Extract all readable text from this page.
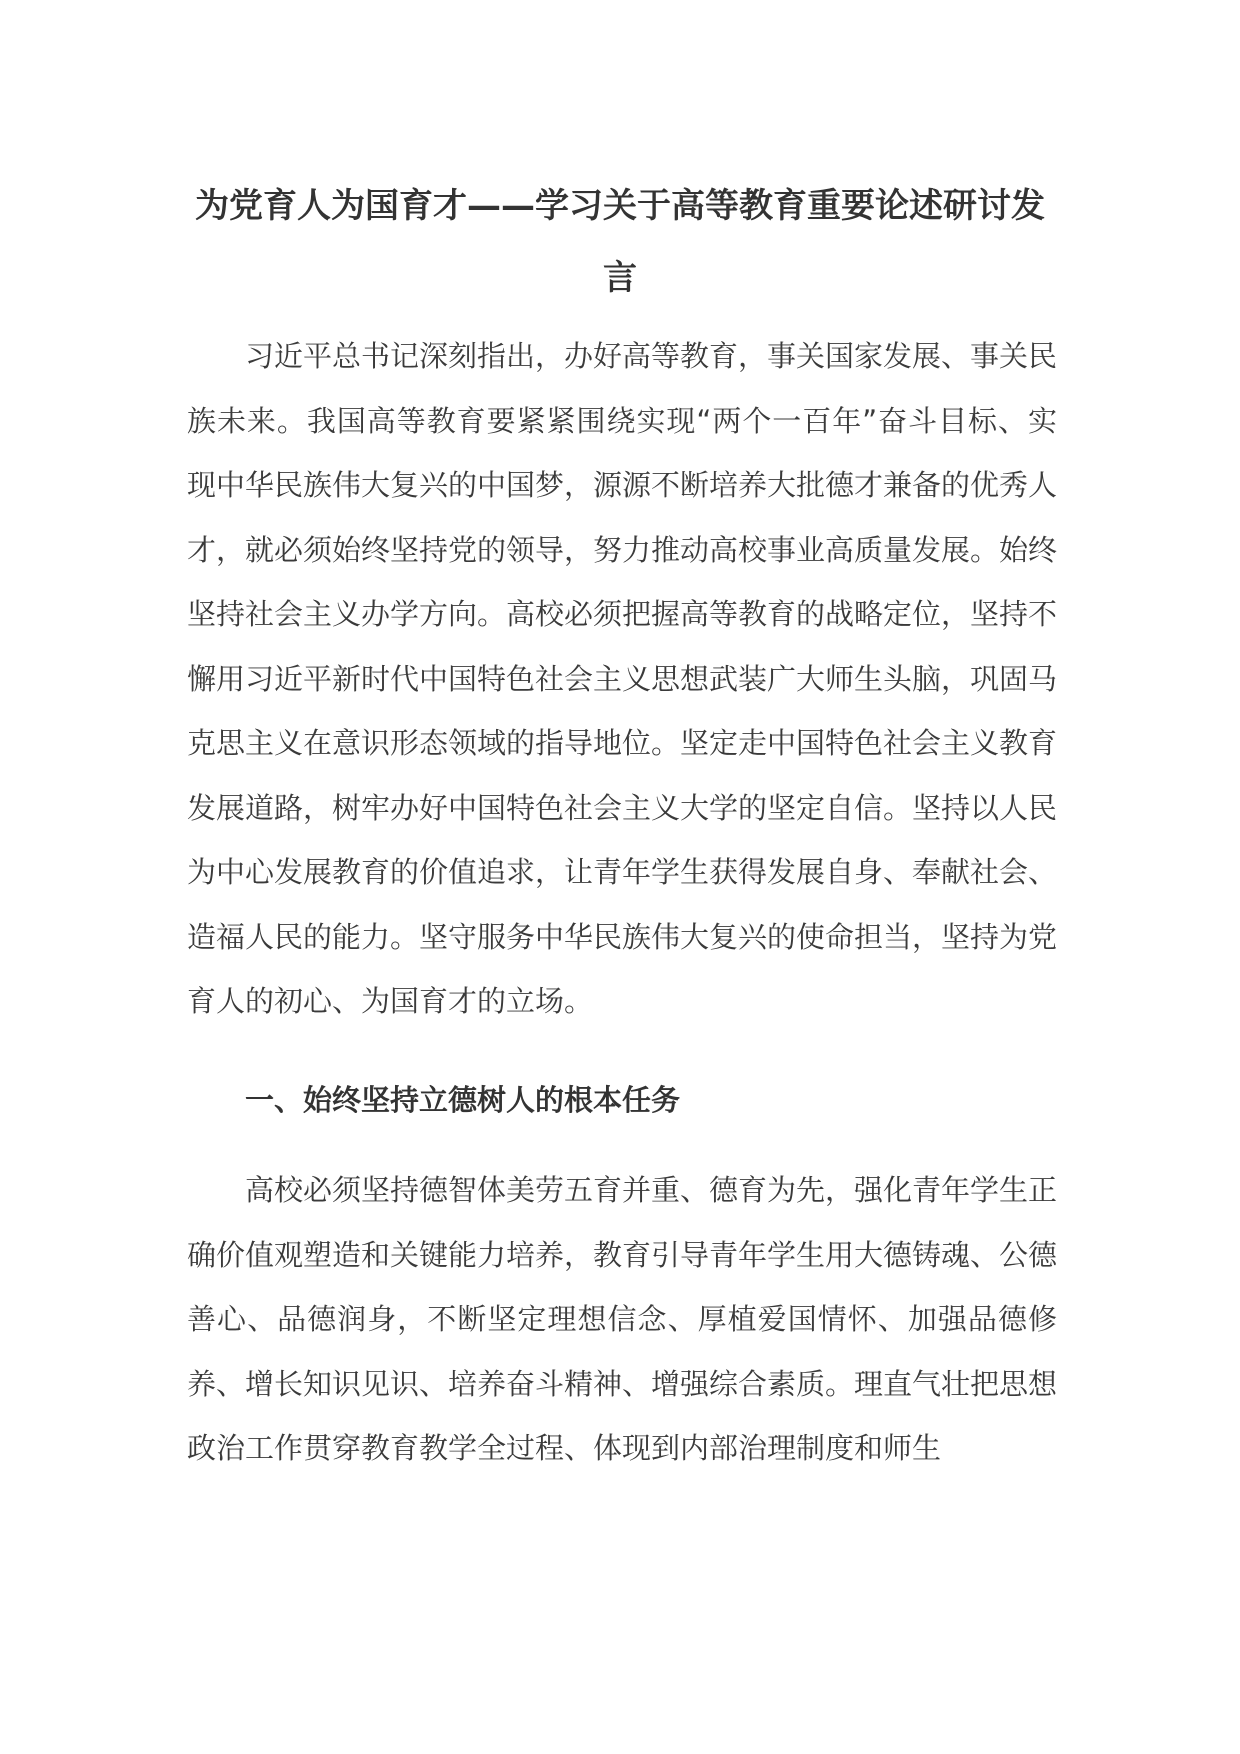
为党育人为国育才——学习关于高等教育重要论述研讨发言

习近平总书记深刻指出，办好高等教育，事关国家发展、事关民族未来。我国高等教育要紧紧围绕实现“两个一百年”奋斗目标、实现中华民族伟大复兴的中国梦，源源不断培养大批德才兼备的优秀人才，就必须始终坚持党的领导，努力推动高校事业高质量发展。始终坚持社会主义办学方向。高校必须把握高等教育的战略定位，坚持不懈用习近平新时代中国特色社会主义思想武装广大师生头脑，巩固马克思主义在意识形态领域的指导地位。坚定走中国特色社会主义教育发展道路，树牢办好中国特色社会主义大学的坚定自信。坚持以人民为中心发展教育的价值追求，让青年学生获得发展自身、奉献社会、造福人民的能力。坚守服务中华民族伟大复兴的使命担当，坚持为党育人的初心、为国育才的立场。

一、始终坚持立德树人的根本任务

高校必须坚持德智体美劳五育并重、德育为先，强化青年学生正确价值观塑造和关键能力培养，教育引导青年学生用大德铸魂、公德善心、品德润身，不断坚定理想信念、厚植爱国情怀、加强品德修养、增长知识见识、培养奋斗精神、增强综合素质。理直气壮把思想政治工作贯穿教育教学全过程、体现到内部治理制度和师生
